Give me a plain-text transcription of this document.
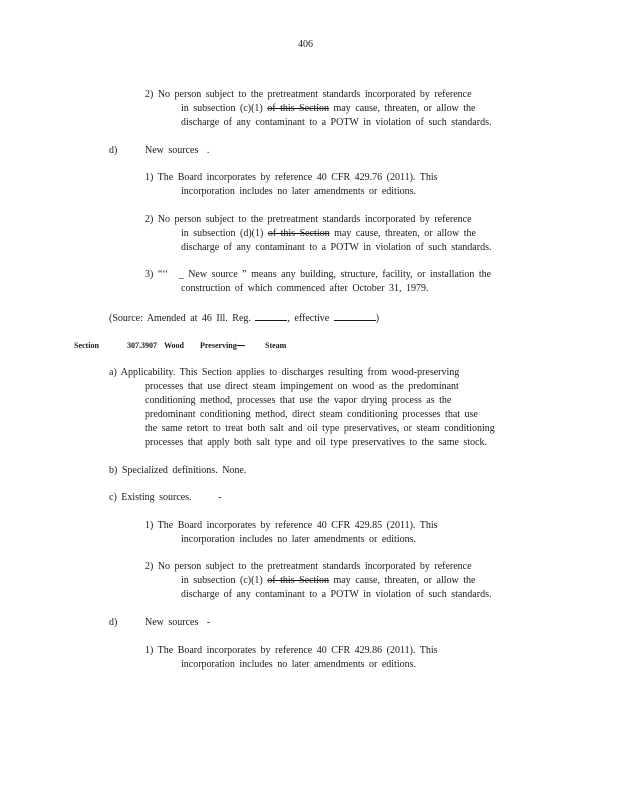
406
2) No person subject to the pretreatment standards incorporated by reference
in subsection (c)(1) of this Section may cause, threaten, or allow the
discharge of any contaminant to a POTW in violation of such standards.
d)	New sources .
1) The Board incorporates by reference 40 CFR 429.76 (2011). This
incorporation includes no later amendments or editions.
2) No person subject to the pretreatment standards incorporated by reference
in subsection (d)(1) of this Section may cause, threaten, or allow the
discharge of any contaminant to a POTW in violation of such standards.
3) “‘‘ _ New source ” means any building, structure, facility, or installation the
construction of which commenced after October 31, 1979.
(Source: Amended at 46 Ill. Reg.	, effective	)
Section	307.3907 Wood Preserving—	Steam
a) Applicability. This Section applies to discharges resulting from wood-preserving
processes that use direct steam impingement on wood as the predominant
conditioning method, processes that use the vapor drying process as the
predominant conditioning method, direct steam conditioning processes that use
the same retort to treat both salt and oil type preservatives, or steam conditioning
processes that apply both salt type and oil type preservatives to the same stock.
b) Specialized definitions. None.
c) Existing sources.	-
1) The Board incorporates by reference 40 CFR 429.85 (2011). This
incorporation includes no later amendments or editions.
2) No person subject to the pretreatment standards incorporated by reference
in subsection (c)(1) of this Section may cause, threaten, or allow the
discharge of any contaminant to a POTW in violation of such standards.
d)	New sources -
1) The Board incorporates by reference 40 CFR 429.86 (2011). This
incorporation includes no later amendments or editions.
